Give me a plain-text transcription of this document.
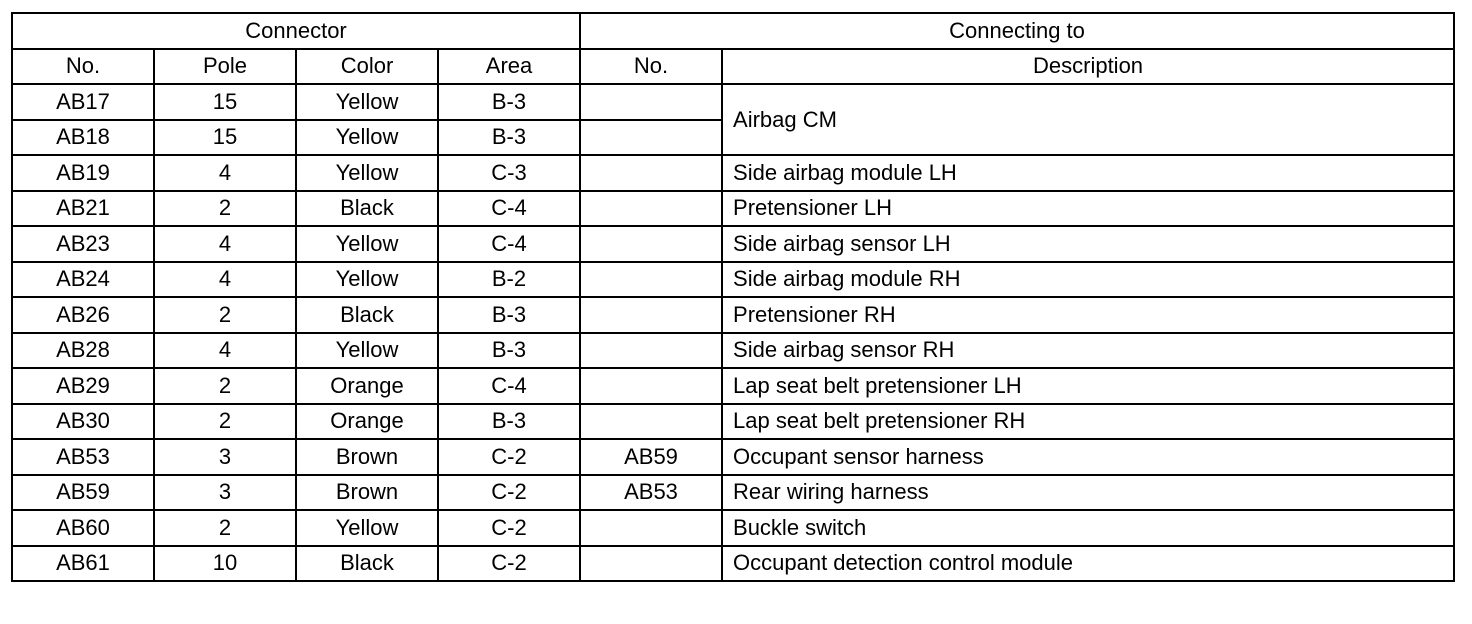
Connector				Connecting to	
No.	Pole	Color	Area	No.	Description
AB17	15	Yellow	B-3		Airbag CM
AB18	15	Yellow	B-3		
AB19	4	Yellow	C-3		Side airbag module LH
AB21	2	Black	C-4		Pretensioner LH
AB23	4	Yellow	C-4		Side airbag sensor LH
AB24	4	Yellow	B-2		Side airbag module RH
AB26	2	Black	B-3		Pretensioner RH
AB28	4	Yellow	B-3		Side airbag sensor RH
AB29	2	Orange	C-4		Lap seat belt pretensioner LH
AB30	2	Orange	B-3		Lap seat belt pretensioner RH
AB53	3	Brown	C-2	AB59	Occupant sensor harness
AB59	3	Brown	C-2	AB53	Rear wiring harness
AB60	2	Yellow	C-2		Buckle switch
AB61	10	Black	C-2		Occupant detection control module
